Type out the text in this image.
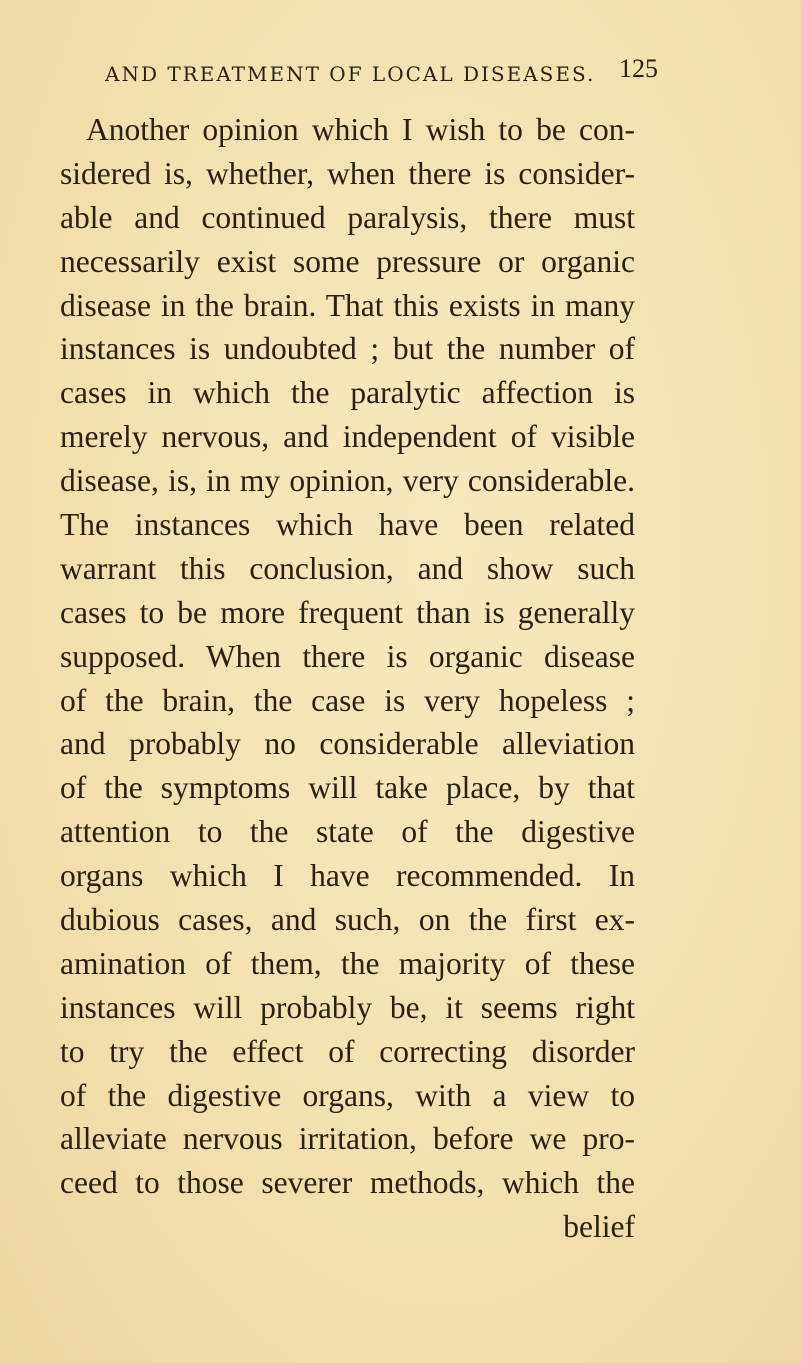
AND TREATMENT OF LOCAL DISEASES. 125
Another opinion which I wish to be con-
sidered is, whether, when there is consider-
able and continued paralysis, there must
necessarily exist some pressure or organic
disease in the brain. That this exists in many
instances is undoubted ; but the number of
cases in which the paralytic affection is
merely nervous, and independent of visible
disease, is, in my opinion, very considerable.
The instances which have been related
warrant this conclusion, and show such
cases to be more frequent than is generally
supposed. When there is organic disease
of the brain, the case is very hopeless ;
and probably no considerable alleviation
of the symptoms will take place, by that
attention to the state of the digestive
organs which I have recommended. In
dubious cases, and such, on the first ex-
amination of them, the majority of these
instances will probably be, it seems right
to try the effect of correcting disorder
of the digestive organs, with a view to
alleviate nervous irritation, before we pro-
ceed to those severer methods, which the
belief
